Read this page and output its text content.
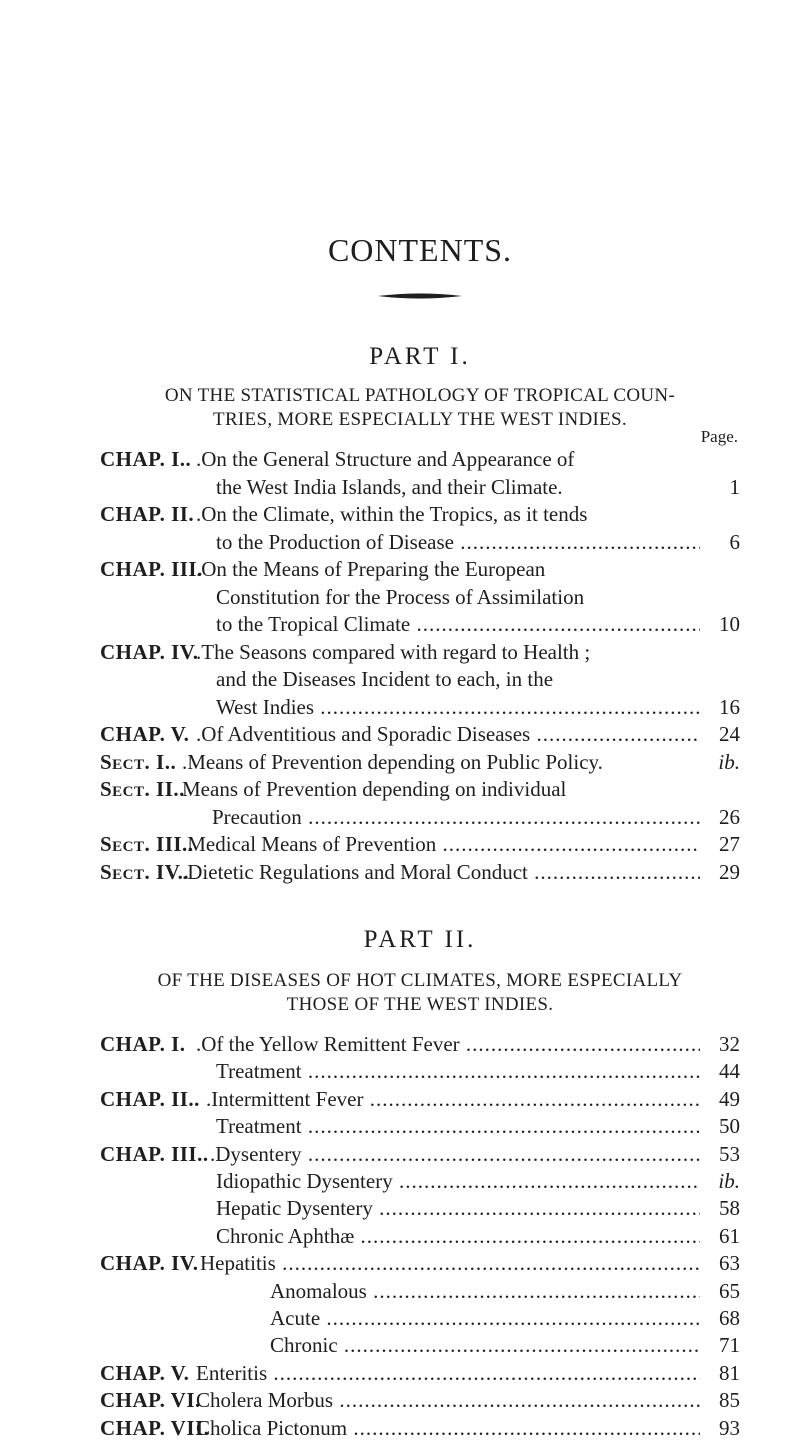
CONTENTS.
PART I.
ON THE STATISTICAL PATHOLOGY OF TROPICAL COUN-
TRIES, MORE ESPECIALLY THE WEST INDIES.
Page.
CHAP. I.. .On the General Structure and Appearance of
the West India Islands, and their Climate.	1
CHAP. II. .On the Climate, within the Tropics, as it tends
to the Production of Disease .....	6
CHAP. III.
.On the Means of Preparing the European
Constitution for the Process of Assimilation
to the Tropical Climate .....	10
CHAP. IV.
.The Seasons compared with regard to Health ;
and the Diseases Incident to each, in the
West Indies .....	16
CHAP. V. .Of Adventitious and Sporadic Diseases .....	24
Sect. I.. .Means of Prevention depending on Public Policy.	ib.
Sect. II..
Means of Prevention depending on individual
Precaution .....	26
Sect. III..
.Medical Means of Prevention .....	27
Sect. IV..
.Dietetic Regulations and Moral Conduct .....	29
PART II.
OF THE DISEASES OF HOT CLIMATES, MORE ESPECIALLY
THOSE OF THE WEST INDIES.
CHAP. I. .Of the Yellow Remittent Fever .....	32
Treatment .....	44
CHAP. II.. .Intermittent Fever .....	49
Treatment .....	50
CHAP. III.. .Dysentery .....	53
Idiopathic Dysentery .....	ib.
Hepatic Dysentery .....	58
Chronic Aphthæ .....	61
CHAP. IV. Hepatitis .....	63
Anomalous .....	65
Acute .....	68
Chronic .....	71
CHAP. V. Enteritis .....	81
CHAP. VI.
Cholera Morbus .....	85
CHAP. VII.
Cholica Pictonum .....	93
